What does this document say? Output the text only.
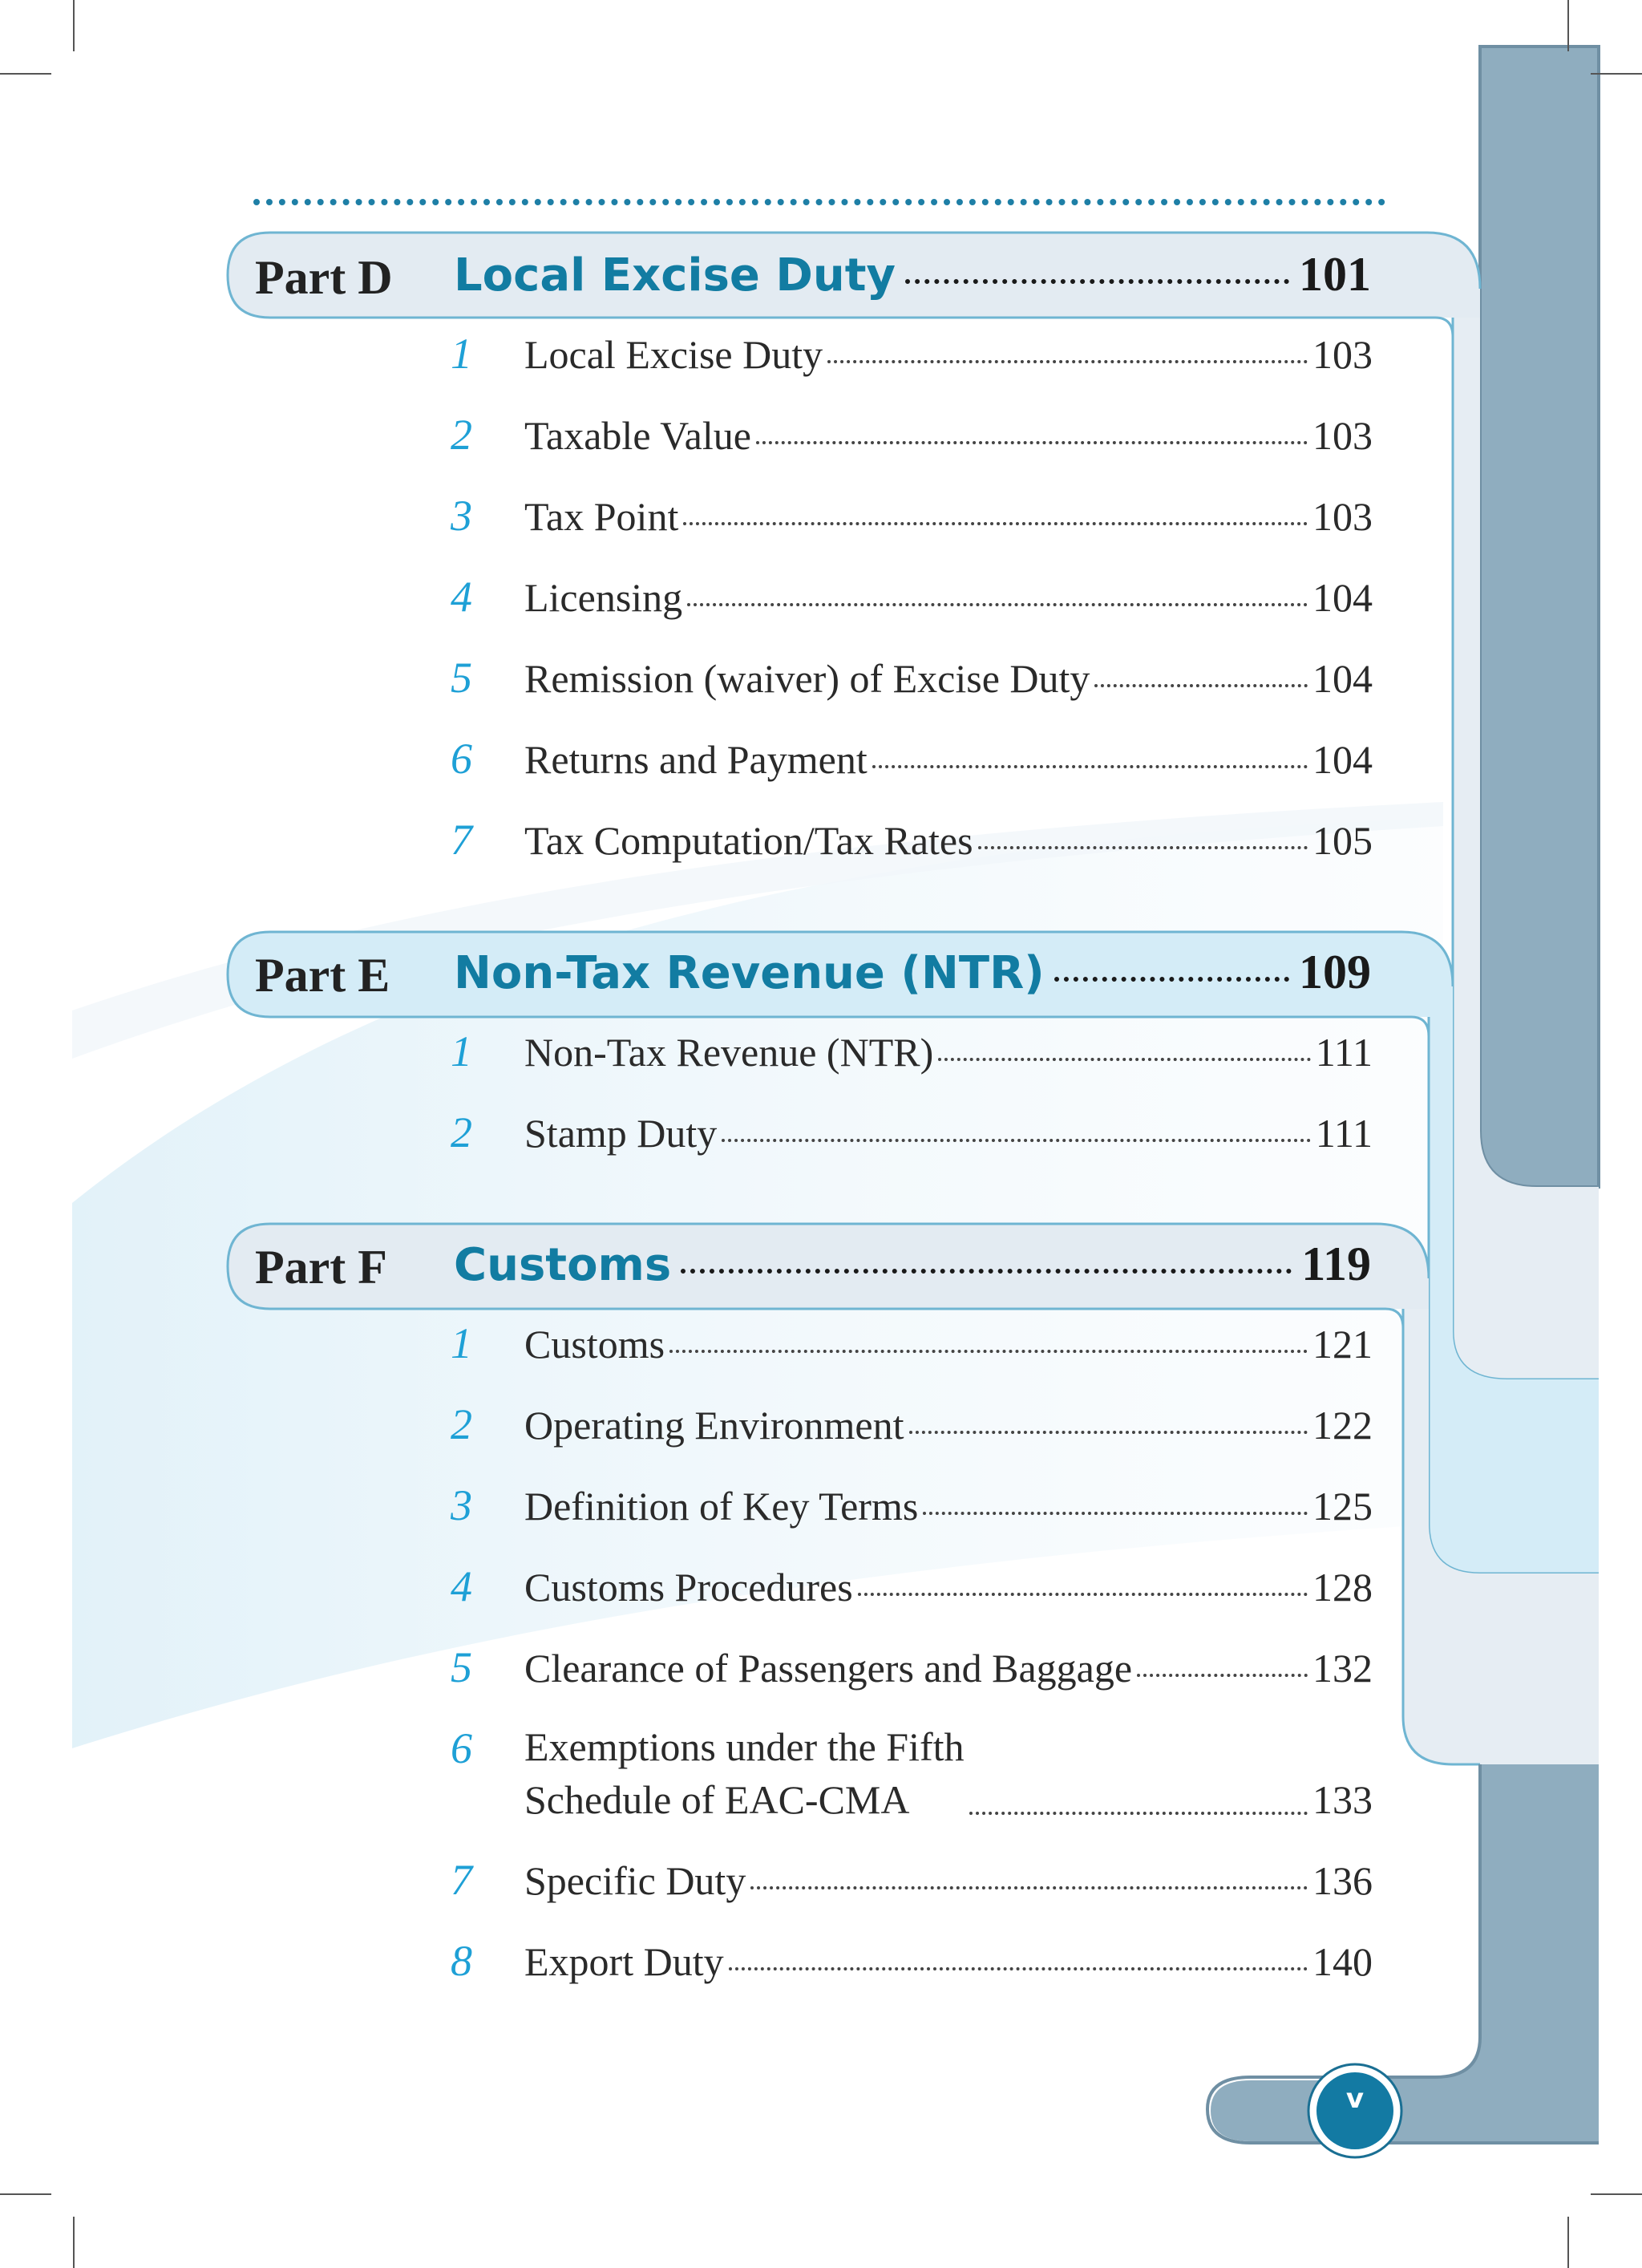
Part D Local Excise Duty	101
1	Local Excise Duty	103
2	Taxable Value	103
3	Tax Point	103
4	Licensing	104
5	Remission (waiver) of Excise Duty	104
6	Returns and Payment	104
7	Tax Computation/Tax Rates	105
Part E Non-Tax Revenue (NTR)	109
1	Non-Tax Revenue (NTR)	111
2	Stamp Duty	111
Part F Customs	119
1	Customs	121
2	Operating Environment	122
3	Definition of Key Terms	125
4	Customs Procedures	128
5	Clearance of Passengers and Baggage	132
6	Exemptions under the Fifth
Schedule of EAC-CMA	133
7	Specific Duty	136
8	Export Duty	140
v
